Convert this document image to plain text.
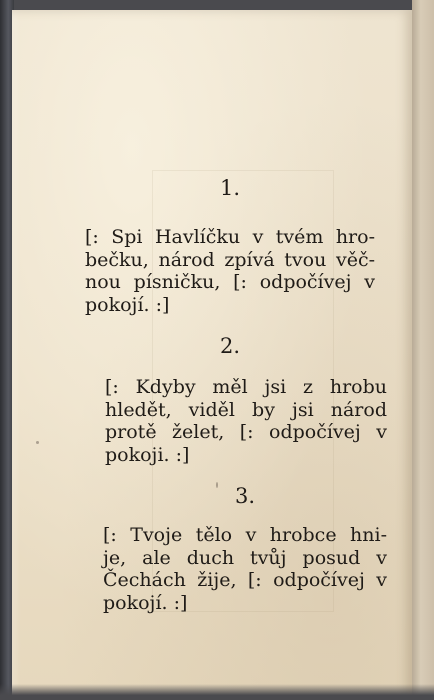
1.
[: Spi Havlíčku v tvém hro-
bečku, národ zpívá tvou věč-
nou písničku, [: odpočívej v
pokojí. :]
2.
[: Kdyby měl jsi z hrobu
hledět, viděl by jsi národ
protě želet, [: odpočívej v
pokoji. :]
3.
[: Tvoje tělo v hrobce hni-
je, ale duch tvůj posud v
Čechách žije, [: odpočívej v
pokojí. :]
